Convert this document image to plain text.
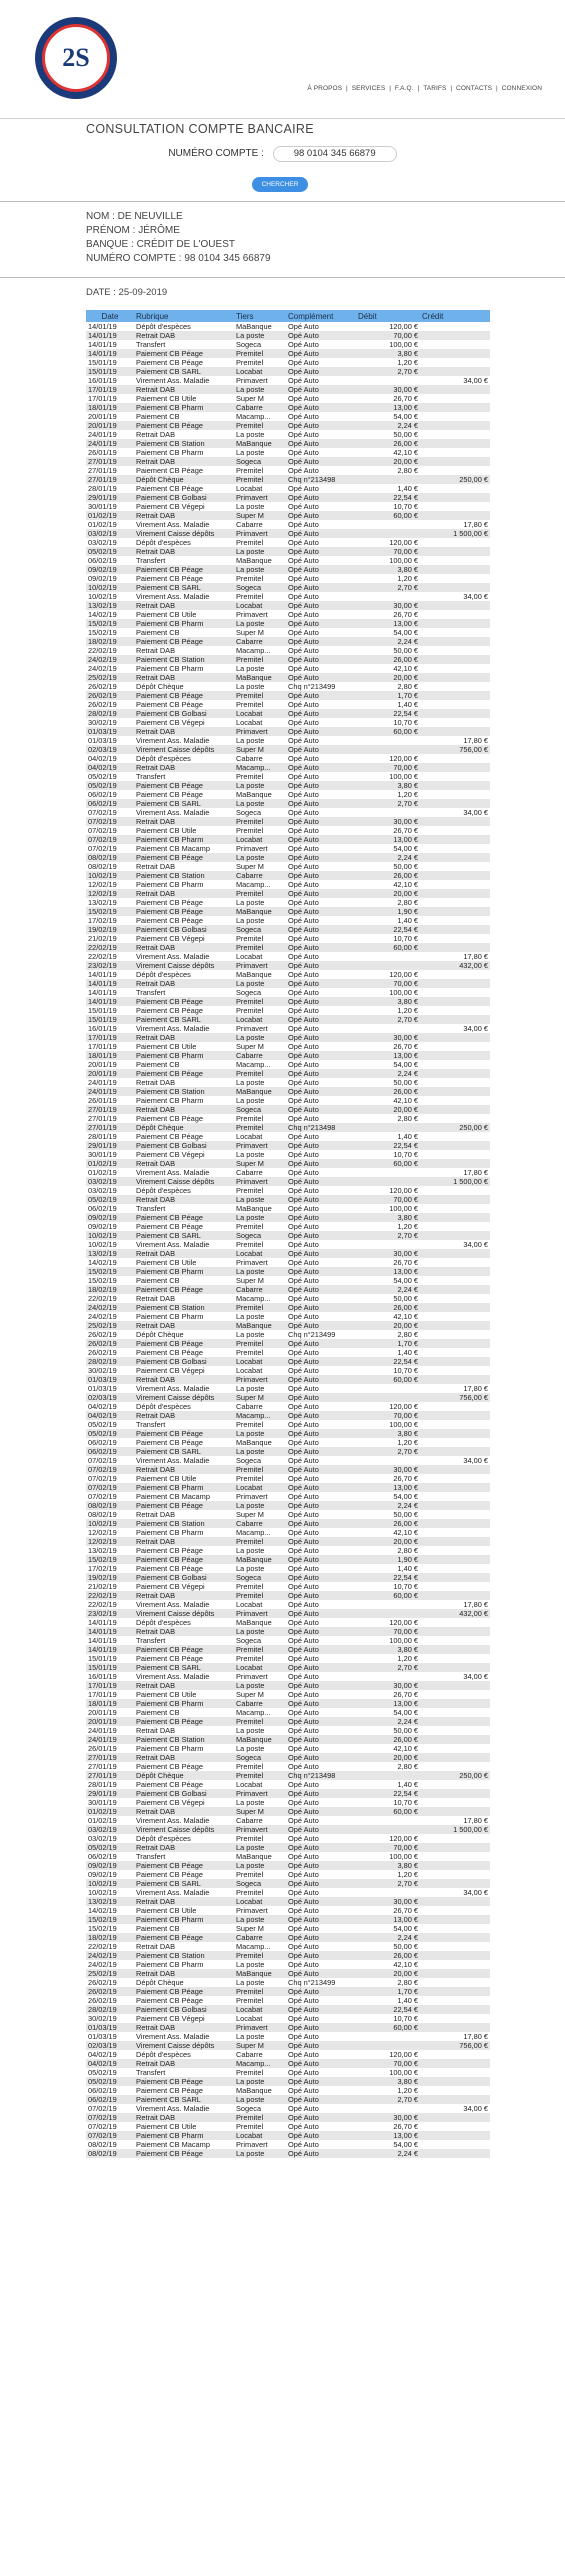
2S
À PROPOS | SERVICES | F.A.Q. | TARIFS | CONTACTS | CONNEXION
CONSULTATION COMPTE BANCAIRE
NUMÉRO COMPTE :	98 0104 345 66879
CHERCHER
NOM : DE NEUVILLE
PRÉNOM : JÉRÔME
BANQUE : CRÉDIT DE L'OUEST
NUMÉRO COMPTE : 98 0104 345 66879
DATE : 25-09-2019
Date	Rubrique	Tiers	Complément	Débit	Crédit
14/01/19	Dépôt d'espèces	MaBanque	Opé Auto	120,00 €	
14/01/19	Retrait DAB	La poste	Opé Auto	70,00 €	
14/01/19	Transfert	Sogeca	Opé Auto	100,00 €	
14/01/19	Paiement CB Péage	Premitel	Opé Auto	3,80 €	
15/01/19	Paiement CB Péage	Premitel	Opé Auto	1,20 €	
15/01/19	Paiement CB SARL	Locabat	Opé Auto	2,70 €	
16/01/19	Virement Ass. Maladie	Primavert	Opé Auto		34,00 €
17/01/19	Retrait DAB	La poste	Opé Auto	30,00 €	
17/01/19	Paiement CB Utile	Super M	Opé Auto	26,70 €	
18/01/19	Paiement CB Pharm	Cabarre	Opé Auto	13,00 €	
20/01/19	Paiement CB	Macamp...	Opé Auto	54,00 €	
20/01/19	Paiement CB Péage	Premitel	Opé Auto	2,24 €	
24/01/19	Retrait DAB	La poste	Opé Auto	50,00 €	
24/01/19	Paiement CB Station	MaBanque	Opé Auto	26,00 €	
26/01/19	Paiement CB Pharm	La poste	Opé Auto	42,10 €	
27/01/19	Retrait DAB	Sogeca	Opé Auto	20,00 €	
27/01/19	Paiement CB Péage	Premitel	Opé Auto	2,80 €	
27/01/19	Dépôt Chèque	Premitel	Chq n°213498		250,00 €
28/01/19	Paiement CB Péage	Locabat	Opé Auto	1,40 €	
29/01/19	Paiement CB Golbasi	Primavert	Opé Auto	22,54 €	
30/01/19	Paiement CB Végepi	La poste	Opé Auto	10,70 €	
01/02/19	Retrait DAB	Super M	Opé Auto	60,00 €	
01/02/19	Virement Ass. Maladie	Cabarre	Opé Auto		17,80 €
03/02/19	Virement Caisse dépôts	Primavert	Opé Auto		1 500,00 €
03/02/19	Dépôt d'espèces	Premitel	Opé Auto	120,00 €	
05/02/19	Retrait DAB	La poste	Opé Auto	70,00 €	
06/02/19	Transfert	MaBanque	Opé Auto	100,00 €	
09/02/19	Paiement CB Péage	La poste	Opé Auto	3,80 €	
09/02/19	Paiement CB Péage	Premitel	Opé Auto	1,20 €	
10/02/19	Paiement CB SARL	Sogeca	Opé Auto	2,70 €	
10/02/19	Virement Ass. Maladie	Premitel	Opé Auto		34,00 €
13/02/19	Retrait DAB	Locabat	Opé Auto	30,00 €	
14/02/19	Paiement CB Utile	Primavert	Opé Auto	26,70 €	
15/02/19	Paiement CB Pharm	La poste	Opé Auto	13,00 €	
15/02/19	Paiement CB	Super M	Opé Auto	54,00 €	
18/02/19	Paiement CB Péage	Cabarre	Opé Auto	2,24 €	
22/02/19	Retrait DAB	Macamp...	Opé Auto	50,00 €	
24/02/19	Paiement CB Station	Premitel	Opé Auto	26,00 €	
24/02/19	Paiement CB Pharm	La poste	Opé Auto	42,10 €	
25/02/19	Retrait DAB	MaBanque	Opé Auto	20,00 €	
26/02/19	Dépôt Chèque	La poste	Chq n°213499	2,80 €	
26/02/19	Paiement CB Péage	Premitel	Opé Auto	1,70 €	
26/02/19	Paiement CB Péage	Premitel	Opé Auto	1,40 €	
28/02/19	Paiement CB Golbasi	Locabat	Opé Auto	22,54 €	
30/02/19	Paiement CB Végepi	Locabat	Opé Auto	10,70 €	
01/03/19	Retrait DAB	Primavert	Opé Auto	60,00 €	
01/03/19	Virement Ass. Maladie	La poste	Opé Auto		17,80 €
02/03/19	Virement Caisse dépôts	Super M	Opé Auto		756,00 €
04/02/19	Dépôt d'espèces	Cabarre	Opé Auto	120,00 €	
04/02/19	Retrait DAB	Macamp...	Opé Auto	70,00 €	
05/02/19	Transfert	Premitel	Opé Auto	100,00 €	
05/02/19	Paiement CB Péage	La poste	Opé Auto	3,80 €	
06/02/19	Paiement CB Péage	MaBanque	Opé Auto	1,20 €	
06/02/19	Paiement CB SARL	La poste	Opé Auto	2,70 €	
07/02/19	Virement Ass. Maladie	Sogeca	Opé Auto		34,00 €
07/02/19	Retrait DAB	Premitel	Opé Auto	30,00 €	
07/02/19	Paiement CB Utile	Premitel	Opé Auto	26,70 €	
07/02/19	Paiement CB Pharm	Locabat	Opé Auto	13,00 €	
07/02/19	Paiement CB Macamp	Primavert	Opé Auto	54,00 €	
08/02/19	Paiement CB Péage	La poste	Opé Auto	2,24 €	
08/02/19	Retrait DAB	Super M	Opé Auto	50,00 €	
10/02/19	Paiement CB Station	Cabarre	Opé Auto	26,00 €	
12/02/19	Paiement CB Pharm	Macamp...	Opé Auto	42,10 €	
12/02/19	Retrait DAB	Premitel	Opé Auto	20,00 €	
13/02/19	Paiement CB Péage	La poste	Opé Auto	2,80 €	
15/02/19	Paiement CB Péage	MaBanque	Opé Auto	1,90 €	
17/02/19	Paiement CB Péage	La poste	Opé Auto	1,40 €	
19/02/19	Paiement CB Golbasi	Sogeca	Opé Auto	22,54 €	
21/02/19	Paiement CB Végepi	Premitel	Opé Auto	10,70 €	
22/02/19	Retrait DAB	Premitel	Opé Auto	60,00 €	
22/02/19	Virement Ass. Maladie	Locabat	Opé Auto		17,80 €
23/02/19	Virement Caisse dépôts	Primavert	Opé Auto		432,00 €
14/01/19	Dépôt d'espèces	MaBanque	Opé Auto	120,00 €	
14/01/19	Retrait DAB	La poste	Opé Auto	70,00 €	
14/01/19	Transfert	Sogeca	Opé Auto	100,00 €	
14/01/19	Paiement CB Péage	Premitel	Opé Auto	3,80 €	
15/01/19	Paiement CB Péage	Premitel	Opé Auto	1,20 €	
15/01/19	Paiement CB SARL	Locabat	Opé Auto	2,70 €	
16/01/19	Virement Ass. Maladie	Primavert	Opé Auto		34,00 €
17/01/19	Retrait DAB	La poste	Opé Auto	30,00 €	
17/01/19	Paiement CB Utile	Super M	Opé Auto	26,70 €	
18/01/19	Paiement CB Pharm	Cabarre	Opé Auto	13,00 €	
20/01/19	Paiement CB	Macamp...	Opé Auto	54,00 €	
20/01/19	Paiement CB Péage	Premitel	Opé Auto	2,24 €	
24/01/19	Retrait DAB	La poste	Opé Auto	50,00 €	
24/01/19	Paiement CB Station	MaBanque	Opé Auto	26,00 €	
26/01/19	Paiement CB Pharm	La poste	Opé Auto	42,10 €	
27/01/19	Retrait DAB	Sogeca	Opé Auto	20,00 €	
27/01/19	Paiement CB Péage	Premitel	Opé Auto	2,80 €	
27/01/19	Dépôt Chèque	Premitel	Chq n°213498		250,00 €
28/01/19	Paiement CB Péage	Locabat	Opé Auto	1,40 €	
29/01/19	Paiement CB Golbasi	Primavert	Opé Auto	22,54 €	
30/01/19	Paiement CB Végepi	La poste	Opé Auto	10,70 €	
01/02/19	Retrait DAB	Super M	Opé Auto	60,00 €	
01/02/19	Virement Ass. Maladie	Cabarre	Opé Auto		17,80 €
03/02/19	Virement Caisse dépôts	Primavert	Opé Auto		1 500,00 €
03/02/19	Dépôt d'espèces	Premitel	Opé Auto	120,00 €	
05/02/19	Retrait DAB	La poste	Opé Auto	70,00 €	
06/02/19	Transfert	MaBanque	Opé Auto	100,00 €	
09/02/19	Paiement CB Péage	La poste	Opé Auto	3,80 €	
09/02/19	Paiement CB Péage	Premitel	Opé Auto	1,20 €	
10/02/19	Paiement CB SARL	Sogeca	Opé Auto	2,70 €	
10/02/19	Virement Ass. Maladie	Premitel	Opé Auto		34,00 €
13/02/19	Retrait DAB	Locabat	Opé Auto	30,00 €	
14/02/19	Paiement CB Utile	Primavert	Opé Auto	26,70 €	
15/02/19	Paiement CB Pharm	La poste	Opé Auto	13,00 €	
15/02/19	Paiement CB	Super M	Opé Auto	54,00 €	
18/02/19	Paiement CB Péage	Cabarre	Opé Auto	2,24 €	
22/02/19	Retrait DAB	Macamp...	Opé Auto	50,00 €	
24/02/19	Paiement CB Station	Premitel	Opé Auto	26,00 €	
24/02/19	Paiement CB Pharm	La poste	Opé Auto	42,10 €	
25/02/19	Retrait DAB	MaBanque	Opé Auto	20,00 €	
26/02/19	Dépôt Chèque	La poste	Chq n°213499	2,80 €	
26/02/19	Paiement CB Péage	Premitel	Opé Auto	1,70 €	
26/02/19	Paiement CB Péage	Premitel	Opé Auto	1,40 €	
28/02/19	Paiement CB Golbasi	Locabat	Opé Auto	22,54 €	
30/02/19	Paiement CB Végepi	Locabat	Opé Auto	10,70 €	
01/03/19	Retrait DAB	Primavert	Opé Auto	60,00 €	
01/03/19	Virement Ass. Maladie	La poste	Opé Auto		17,80 €
02/03/19	Virement Caisse dépôts	Super M	Opé Auto		756,00 €
04/02/19	Dépôt d'espèces	Cabarre	Opé Auto	120,00 €	
04/02/19	Retrait DAB	Macamp...	Opé Auto	70,00 €	
05/02/19	Transfert	Premitel	Opé Auto	100,00 €	
05/02/19	Paiement CB Péage	La poste	Opé Auto	3,80 €	
06/02/19	Paiement CB Péage	MaBanque	Opé Auto	1,20 €	
06/02/19	Paiement CB SARL	La poste	Opé Auto	2,70 €	
07/02/19	Virement Ass. Maladie	Sogeca	Opé Auto		34,00 €
07/02/19	Retrait DAB	Premitel	Opé Auto	30,00 €	
07/02/19	Paiement CB Utile	Premitel	Opé Auto	26,70 €	
07/02/19	Paiement CB Pharm	Locabat	Opé Auto	13,00 €	
07/02/19	Paiement CB Macamp	Primavert	Opé Auto	54,00 €	
08/02/19	Paiement CB Péage	La poste	Opé Auto	2,24 €	
08/02/19	Retrait DAB	Super M	Opé Auto	50,00 €	
10/02/19	Paiement CB Station	Cabarre	Opé Auto	26,00 €	
12/02/19	Paiement CB Pharm	Macamp...	Opé Auto	42,10 €	
12/02/19	Retrait DAB	Premitel	Opé Auto	20,00 €	
13/02/19	Paiement CB Péage	La poste	Opé Auto	2,80 €	
15/02/19	Paiement CB Péage	MaBanque	Opé Auto	1,90 €	
17/02/19	Paiement CB Péage	La poste	Opé Auto	1,40 €	
19/02/19	Paiement CB Golbasi	Sogeca	Opé Auto	22,54 €	
21/02/19	Paiement CB Végepi	Premitel	Opé Auto	10,70 €	
22/02/19	Retrait DAB	Premitel	Opé Auto	60,00 €	
22/02/19	Virement Ass. Maladie	Locabat	Opé Auto		17,80 €
23/02/19	Virement Caisse dépôts	Primavert	Opé Auto		432,00 €
14/01/19	Dépôt d'espèces	MaBanque	Opé Auto	120,00 €	
14/01/19	Retrait DAB	La poste	Opé Auto	70,00 €	
14/01/19	Transfert	Sogeca	Opé Auto	100,00 €	
14/01/19	Paiement CB Péage	Premitel	Opé Auto	3,80 €	
15/01/19	Paiement CB Péage	Premitel	Opé Auto	1,20 €	
15/01/19	Paiement CB SARL	Locabat	Opé Auto	2,70 €	
16/01/19	Virement Ass. Maladie	Primavert	Opé Auto		34,00 €
17/01/19	Retrait DAB	La poste	Opé Auto	30,00 €	
17/01/19	Paiement CB Utile	Super M	Opé Auto	26,70 €	
18/01/19	Paiement CB Pharm	Cabarre	Opé Auto	13,00 €	
20/01/19	Paiement CB	Macamp...	Opé Auto	54,00 €	
20/01/19	Paiement CB Péage	Premitel	Opé Auto	2,24 €	
24/01/19	Retrait DAB	La poste	Opé Auto	50,00 €	
24/01/19	Paiement CB Station	MaBanque	Opé Auto	26,00 €	
26/01/19	Paiement CB Pharm	La poste	Opé Auto	42,10 €	
27/01/19	Retrait DAB	Sogeca	Opé Auto	20,00 €	
27/01/19	Paiement CB Péage	Premitel	Opé Auto	2,80 €	
27/01/19	Dépôt Chèque	Premitel	Chq n°213498		250,00 €
28/01/19	Paiement CB Péage	Locabat	Opé Auto	1,40 €	
29/01/19	Paiement CB Golbasi	Primavert	Opé Auto	22,54 €	
30/01/19	Paiement CB Végepi	La poste	Opé Auto	10,70 €	
01/02/19	Retrait DAB	Super M	Opé Auto	60,00 €	
01/02/19	Virement Ass. Maladie	Cabarre	Opé Auto		17,80 €
03/02/19	Virement Caisse dépôts	Primavert	Opé Auto		1 500,00 €
03/02/19	Dépôt d'espèces	Premitel	Opé Auto	120,00 €	
05/02/19	Retrait DAB	La poste	Opé Auto	70,00 €	
06/02/19	Transfert	MaBanque	Opé Auto	100,00 €	
09/02/19	Paiement CB Péage	La poste	Opé Auto	3,80 €	
09/02/19	Paiement CB Péage	Premitel	Opé Auto	1,20 €	
10/02/19	Paiement CB SARL	Sogeca	Opé Auto	2,70 €	
10/02/19	Virement Ass. Maladie	Premitel	Opé Auto		34,00 €
13/02/19	Retrait DAB	Locabat	Opé Auto	30,00 €	
14/02/19	Paiement CB Utile	Primavert	Opé Auto	26,70 €	
15/02/19	Paiement CB Pharm	La poste	Opé Auto	13,00 €	
15/02/19	Paiement CB	Super M	Opé Auto	54,00 €	
18/02/19	Paiement CB Péage	Cabarre	Opé Auto	2,24 €	
22/02/19	Retrait DAB	Macamp...	Opé Auto	50,00 €	
24/02/19	Paiement CB Station	Premitel	Opé Auto	26,00 €	
24/02/19	Paiement CB Pharm	La poste	Opé Auto	42,10 €	
25/02/19	Retrait DAB	MaBanque	Opé Auto	20,00 €	
26/02/19	Dépôt Chèque	La poste	Chq n°213499	2,80 €	
26/02/19	Paiement CB Péage	Premitel	Opé Auto	1,70 €	
26/02/19	Paiement CB Péage	Premitel	Opé Auto	1,40 €	
28/02/19	Paiement CB Golbasi	Locabat	Opé Auto	22,54 €	
30/02/19	Paiement CB Végepi	Locabat	Opé Auto	10,70 €	
01/03/19	Retrait DAB	Primavert	Opé Auto	60,00 €	
01/03/19	Virement Ass. Maladie	La poste	Opé Auto		17,80 €
02/03/19	Virement Caisse dépôts	Super M	Opé Auto		756,00 €
04/02/19	Dépôt d'espèces	Cabarre	Opé Auto	120,00 €	
04/02/19	Retrait DAB	Macamp...	Opé Auto	70,00 €	
05/02/19	Transfert	Premitel	Opé Auto	100,00 €	
05/02/19	Paiement CB Péage	La poste	Opé Auto	3,80 €	
06/02/19	Paiement CB Péage	MaBanque	Opé Auto	1,20 €	
06/02/19	Paiement CB SARL	La poste	Opé Auto	2,70 €	
07/02/19	Virement Ass. Maladie	Sogeca	Opé Auto		34,00 €
07/02/19	Retrait DAB	Premitel	Opé Auto	30,00 €	
07/02/19	Paiement CB Utile	Premitel	Opé Auto	26,70 €	
07/02/19	Paiement CB Pharm	Locabat	Opé Auto	13,00 €	
08/02/19	Paiement CB Macamp	Primavert	Opé Auto	54,00 €	
08/02/19	Paiement CB Péage	La poste	Opé Auto	2,24 €	
